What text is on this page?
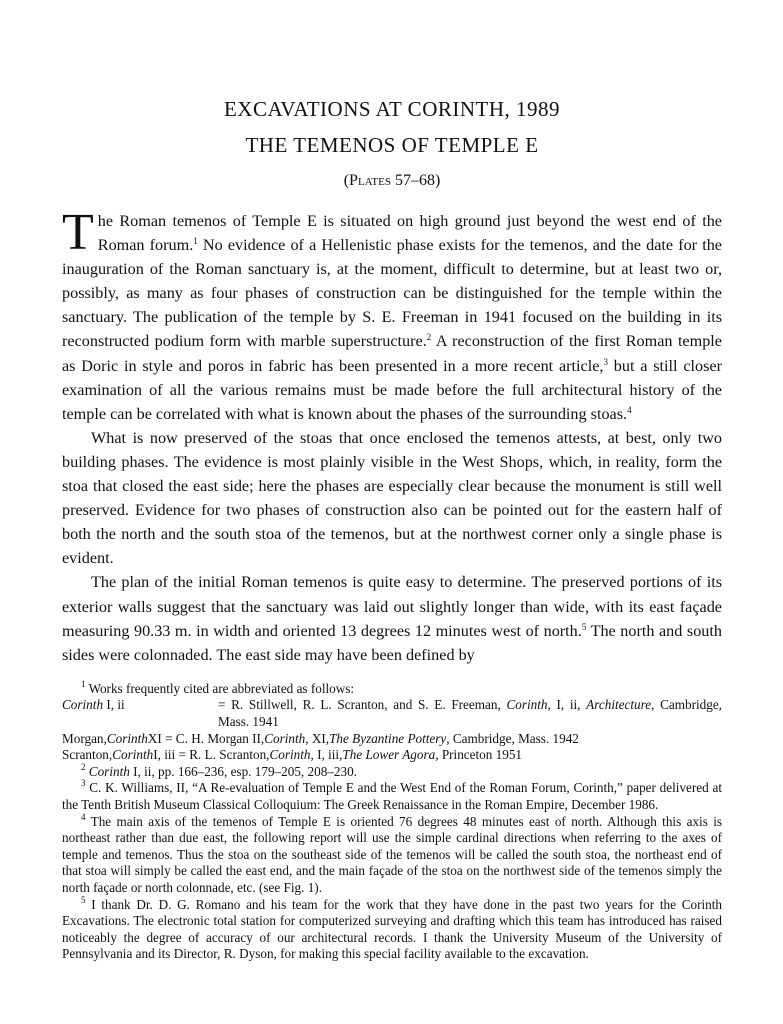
EXCAVATIONS AT CORINTH, 1989
THE TEMENOS OF TEMPLE E
(Plates 57–68)

The Roman temenos of Temple E is situated on high ground just beyond the west end of the Roman forum.$^1$ No evidence of a Hellenistic phase exists for the temenos, and the date for the inauguration of the Roman sanctuary is, at the moment, difficult to determine, but at least two or, possibly, as many as four phases of construction can be distinguished for the temple within the sanctuary. The publication of the temple by S. E. Freeman in 1941 focused on the building in its reconstructed podium form with marble superstructure.$^2$ A reconstruction of the first Roman temple as Doric in style and poros in fabric has been presented in a more recent article,$^3$ but a still closer examination of all the various remains must be made before the full architectural history of the temple can be correlated with what is known about the phases of the surrounding stoas.$^4$

What is now preserved of the stoas that once enclosed the temenos attests, at best, only two building phases. The evidence is most plainly visible in the West Shops, which, in reality, form the stoa that closed the east side; here the phases are especially clear because the monument is still well preserved. Evidence for two phases of construction also can be pointed out for the eastern half of both the north and the south stoa of the temenos, but at the northwest corner only a single phase is evident.

The plan of the initial Roman temenos is quite easy to determine. The preserved portions of its exterior walls suggest that the sanctuary was laid out slightly longer than wide, with its east façade measuring 90.33 m. in width and oriented 13 degrees 12 minutes west of north.$^5$ The north and south sides were colonnaded. The east side may have been defined by

$^1$ Works frequently cited are abbreviated as follows:

Corinth I, ii	= R. Stillwell, R. L. Scranton, and S. E. Freeman, Corinth, I, ii, Architecture, Cambridge, Mass. 1941

Morgan, Corinth XI
= C. H. Morgan II, Corinth , XI, The Byzantine Pottery , Cambridge, Mass. 1942

Scranton, Corinth I, iii
= R. L. Scranton, Corinth , I, iii, The Lower Agora , Princeton 1951

$^2$ Corinth I, ii, pp. 166–236, esp. 179–205, 208–230.

$^3$ C. K. Williams, II, “A Re-evaluation of Temple E and the West End of the Roman Forum, Corinth,” paper delivered at the Tenth British Museum Classical Colloquium: The Greek Renaissance in the Roman Empire, December 1986.

$^4$ The main axis of the temenos of Temple E is oriented 76 degrees 48 minutes east of north. Although this axis is northeast rather than due east, the following report will use the simple cardinal directions when referring to the axes of temple and temenos. Thus the stoa on the southeast side of the temenos will be called the south stoa, the northeast end of that stoa will simply be called the east end, and the main façade of the stoa on the northwest side of the temenos simply the north façade or north colonnade, etc. (see Fig. 1).

$^5$ I thank Dr. D. G. Romano and his team for the work that they have done in the past two years for the Corinth Excavations. The electronic total station for computerized surveying and drafting which this team has introduced has raised noticeably the degree of accuracy of our architectural records. I thank the University Museum of the University of Pennsylvania and its Director, R. Dyson, for making this special facility available to the excavation.
